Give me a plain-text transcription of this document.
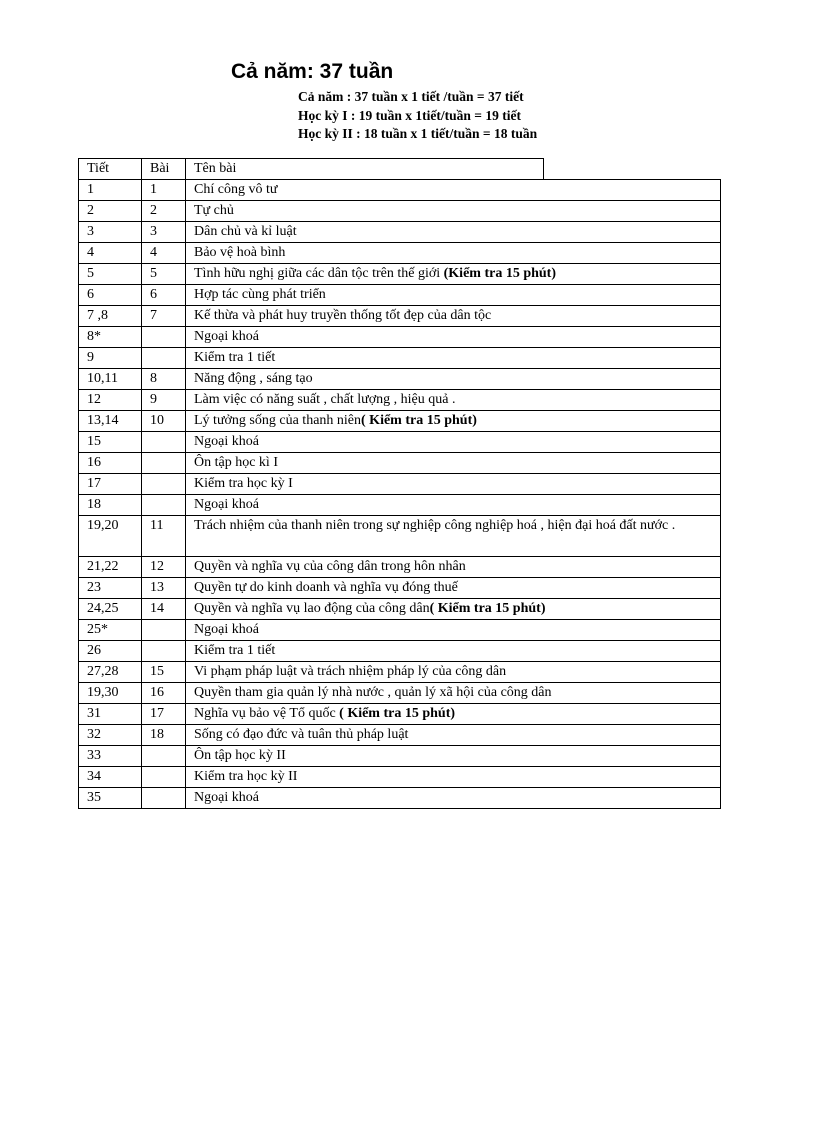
Cả năm: 37 tuần
Cả năm : 37 tuần x 1 tiết /tuần = 37 tiết
Học kỳ I : 19 tuần x 1tiết/tuần = 19 tiết
Học kỳ II : 18 tuần x 1 tiết/tuần = 18 tuần
Tiết	Bài	Tên bài
1	1	Chí công vô tư
2	2	Tự chủ
3	3	Dân chủ và kỉ luật
4	4	Bảo vệ hoà bình
5	5	Tình hữu nghị giữa các dân tộc trên thế giới (Kiểm tra 15 phút)
6	6	Hợp tác cùng phát triển
7 ,8	7	Kế thừa và phát huy truyền thống tốt đẹp của dân tộc
8*		Ngoại khoá
9		Kiểm tra 1 tiết
10,11	8	Năng động , sáng tạo
12	9	Làm việc có năng suất , chất lượng , hiệu quả .
13,14	10	Lý tưởng sống của thanh niên( Kiểm tra 15 phút)
15		Ngoại khoá
16		Ôn tập học kì I
17		Kiểm tra học kỳ I
18		Ngoại khoá
19,20	11	Trách nhiệm của thanh niên trong sự nghiệp công nghiệp hoá , hiện đại hoá đất nước .
21,22	12	Quyền và nghĩa vụ của công dân trong hôn nhân
23	13	Quyền tự do kinh doanh và nghĩa vụ đóng thuế
24,25	14	Quyền và nghĩa vụ lao động của công dân( Kiểm tra 15 phút)
25*		Ngoại khoá
26		Kiểm tra 1 tiết
27,28	15	Vi phạm pháp luật và trách nhiệm pháp lý của công dân
19,30	16	Quyền tham gia quản lý nhà nước , quản lý xã hội của công dân
31	17	Nghĩa vụ bảo vệ Tổ quốc ( Kiểm tra 15 phút)
32	18	Sống có đạo đức và tuân thủ pháp luật
33		Ôn tập học kỳ II
34		Kiểm tra học kỳ II
35		Ngoại khoá
